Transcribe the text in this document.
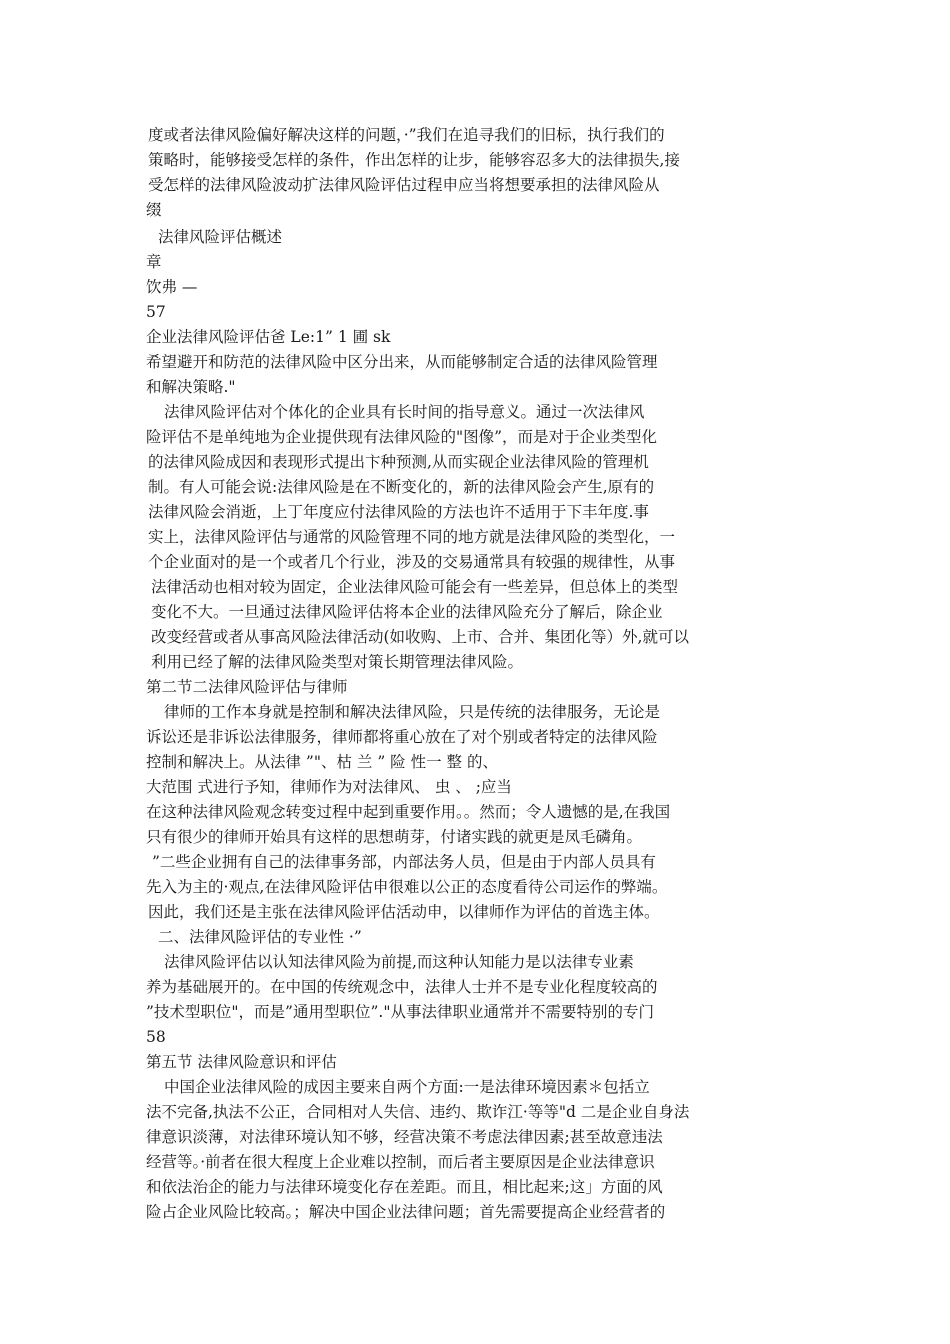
度或者法律风险偏好解决这样的问题，·”我们在追寻我们的旧标，执行我们的
策略时，能够接受怎样的条件，作出怎样的让步，能够容忍多大的法律损失,接
受怎样的法律风险波动扩法律风险评估过程申应当将想要承担的法律风险从
缀
法律风险评估概述
章
饮弗 —
57
企业法律风险评估爸 Le:1” 1 圃 sk
希望避开和防范的法律风险中区分出来，从而能够制定合适的法律风险管理
和解决策略."
法律风险评估对个体化的企业具有长时间的指导意义。通过一次法律风
险评估不是单纯地为企业提供现有法律风险的"图像”，而是对于企业类型化
的法律风险成因和表现形式提出卞种预测,从而实砚企业法律风险的管理机
制。有人可能会说:法律风险是在不断变化的，新的法律风险会产生,原有的
法律风险会消逝，上丁年度应付法律风险的方法也许不适用于下丰年度.事
实上，法律风险评估与通常的风险管理不同的地方就是法律风险的类型化，一
个企业面对的是一个或者几个行业，涉及的交易通常具有较强的规律性，从事
法律活动也相对较为固定，企业法律风险可能会有一些差异，但总体上的类型
变化不大。一旦通过法律风险评估将本企业的法律风险充分了解后，除企业
改变经营或者从事高风险法律活动(如收购、上市、合并、集团化等）外,就可以
利用已经了解的法律风险类型对策长期管理法律风险。
第二节二法律风险评估与律师
律师的工作本身就是控制和解决法律风险，只是传统的法律服务，无论是
诉讼还是非诉讼法律服务，律师都将重心放在了对个别或者特定的法律风险
控制和解决上。从法律 ”"、枯 兰 ” 险 性一 整 的、
大范围 式进行予知，律师作为对法律风、 虫 、 ;应当
在这种法律风险观念转变过程中起到重要作用。。然而；令人遗憾的是,在我国
只有很少的律师开始具有这样的思想萌芽，付诸实践的就更是凤毛磷角。
”二些企业拥有自己的法律事务部，内部法务人员，但是由于内部人员具有
先入为主的·观点,在法律风险评估申很难以公正的态度看待公司运作的弊端。
因此，我们还是主张在法律风险评估活动申，以律师作为评估的首选主体。
二、法律风险评估的专业性 ·”
法律风险评估以认知法律风险为前提,而这种认知能力是以法律专业素
养为基础展开的。在中国的传统观念中，法律人士并不是专业化程度较高的
”技术型职位"，而是”通用型职位”."从事法律职业通常并不需要特别的专门
58
第五节 法律风险意识和评估
中国企业法律风险的成因主要来自两个方面:一是法律环境因素＊包括立
法不完备,执法不公正，合同相对人失信、违约、欺诈江·等等"d 二是企业自身法
律意识淡薄，对法律环境认知不够，经营决策不考虑法律因素;甚至故意违法
经营等。·前者在很大程度上企业难以控制，而后者主要原因是企业法律意识
和依法治企的能力与法律环境变化存在差距。而且，相比起来;这」方面的风
险占企业风险比较高。；解决中国企业法律问题；首先需要提高企业经营者的
